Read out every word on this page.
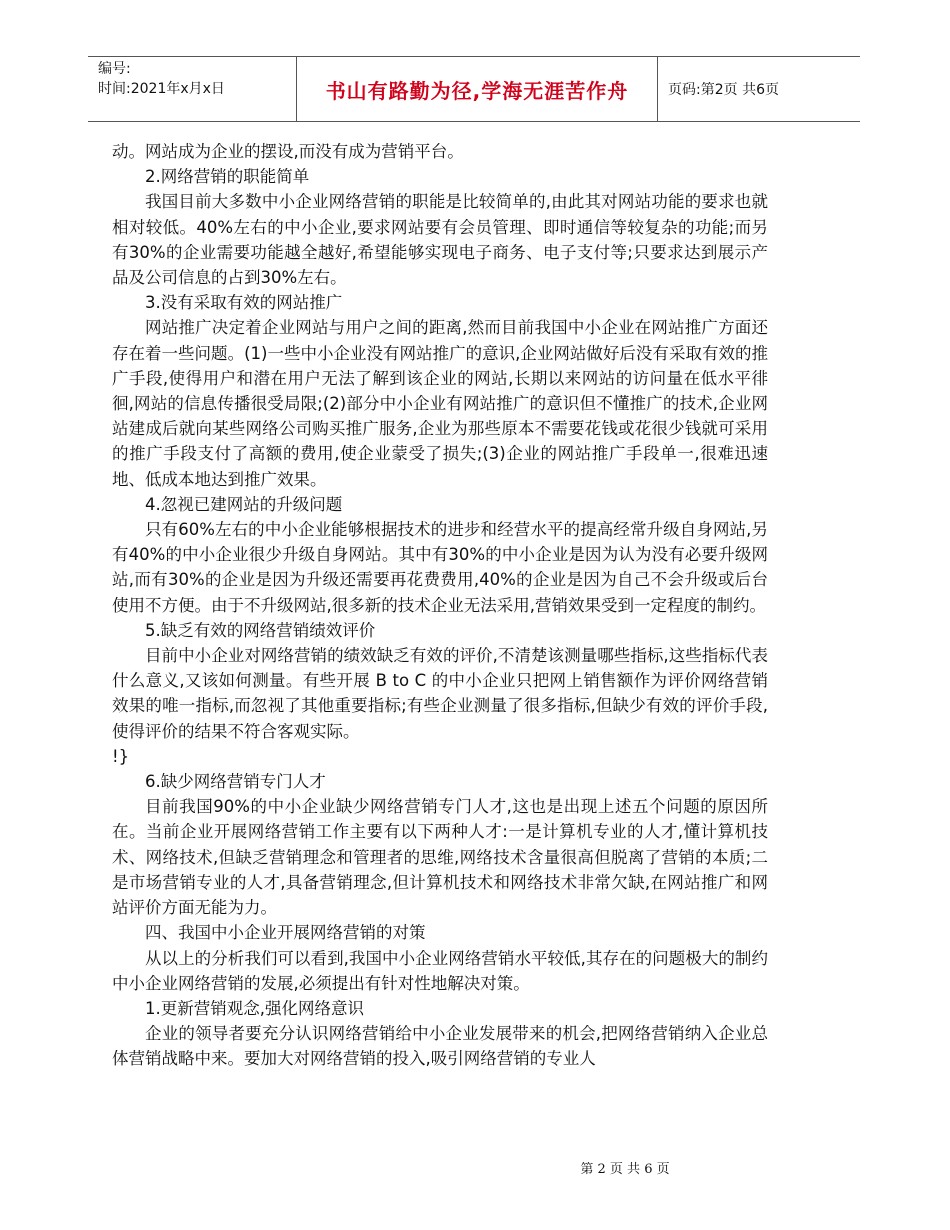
编号:
时间:2021年x月x日	书山有路勤为径,学海无涯苦作舟	页码:第2页 共6页

动。网站成为企业的摆设,而没有成为营销平台。

2.网络营销的职能简单

我国目前大多数中小企业网络营销的职能是比较简单的,由此其对网站功能的要求也就相对较低。40%左右的中小企业,要求网站要有会员管理、即时通信等较复杂的功能;而另有30%的企业需要功能越全越好,希望能够实现电子商务、电子支付等;只要求达到展示产品及公司信息的占到30%左右。

3.没有采取有效的网站推广

网站推广决定着企业网站与用户之间的距离,然而目前我国中小企业在网站推广方面还存在着一些问题。(1)一些中小企业没有网站推广的意识,企业网站做好后没有采取有效的推广手段,使得用户和潜在用户无法了解到该企业的网站,长期以来网站的访问量在低水平徘徊,网站的信息传播很受局限;(2)部分中小企业有网站推广的意识但不懂推广的技术,企业网站建成后就向某些网络公司购买推广服务,企业为那些原本不需要花钱或花很少钱就可采用的推广手段支付了高额的费用,使企业蒙受了损失;(3)企业的网站推广手段单一,很难迅速地、低成本地达到推广效果。

4.忽视已建网站的升级问题

只有60%左右的中小企业能够根据技术的进步和经营水平的提高经常升级自身网站,另有40%的中小企业很少升级自身网站。其中有30%的中小企业是因为认为没有必要升级网站,而有30%的企业是因为升级还需要再花费费用,40%的企业是因为自己不会升级或后台使用不方便。由于不升级网站,很多新的技术企业无法采用,营销效果受到一定程度的制约。

5.缺乏有效的网络营销绩效评价

目前中小企业对网络营销的绩效缺乏有效的评价,不清楚该测量哪些指标,这些指标代表什么意义,又该如何测量。有些开展 B to C 的中小企业只把网上销售额作为评价网络营销效果的唯一指标,而忽视了其他重要指标;有些企业测量了很多指标,但缺少有效的评价手段,使得评价的结果不符合客观实际。

!}

6.缺少网络营销专门人才

目前我国90%的中小企业缺少网络营销专门人才,这也是出现上述五个问题的原因所在。当前企业开展网络营销工作主要有以下两种人才:一是计算机专业的人才,懂计算机技术、网络技术,但缺乏营销理念和管理者的思维,网络技术含量很高但脱离了营销的本质;二是市场营销专业的人才,具备营销理念,但计算机技术和网络技术非常欠缺,在网站推广和网站评价方面无能为力。

四、我国中小企业开展网络营销的对策

从以上的分析我们可以看到,我国中小企业网络营销水平较低,其存在的问题极大的制约中小企业网络营销的发展,必须提出有针对性地解决对策。

1.更新营销观念,强化网络意识

企业的领导者要充分认识网络营销给中小企业发展带来的机会,把网络营销纳入企业总体营销战略中来。要加大对网络营销的投入,吸引网络营销的专业人

第 2 页 共 6 页
